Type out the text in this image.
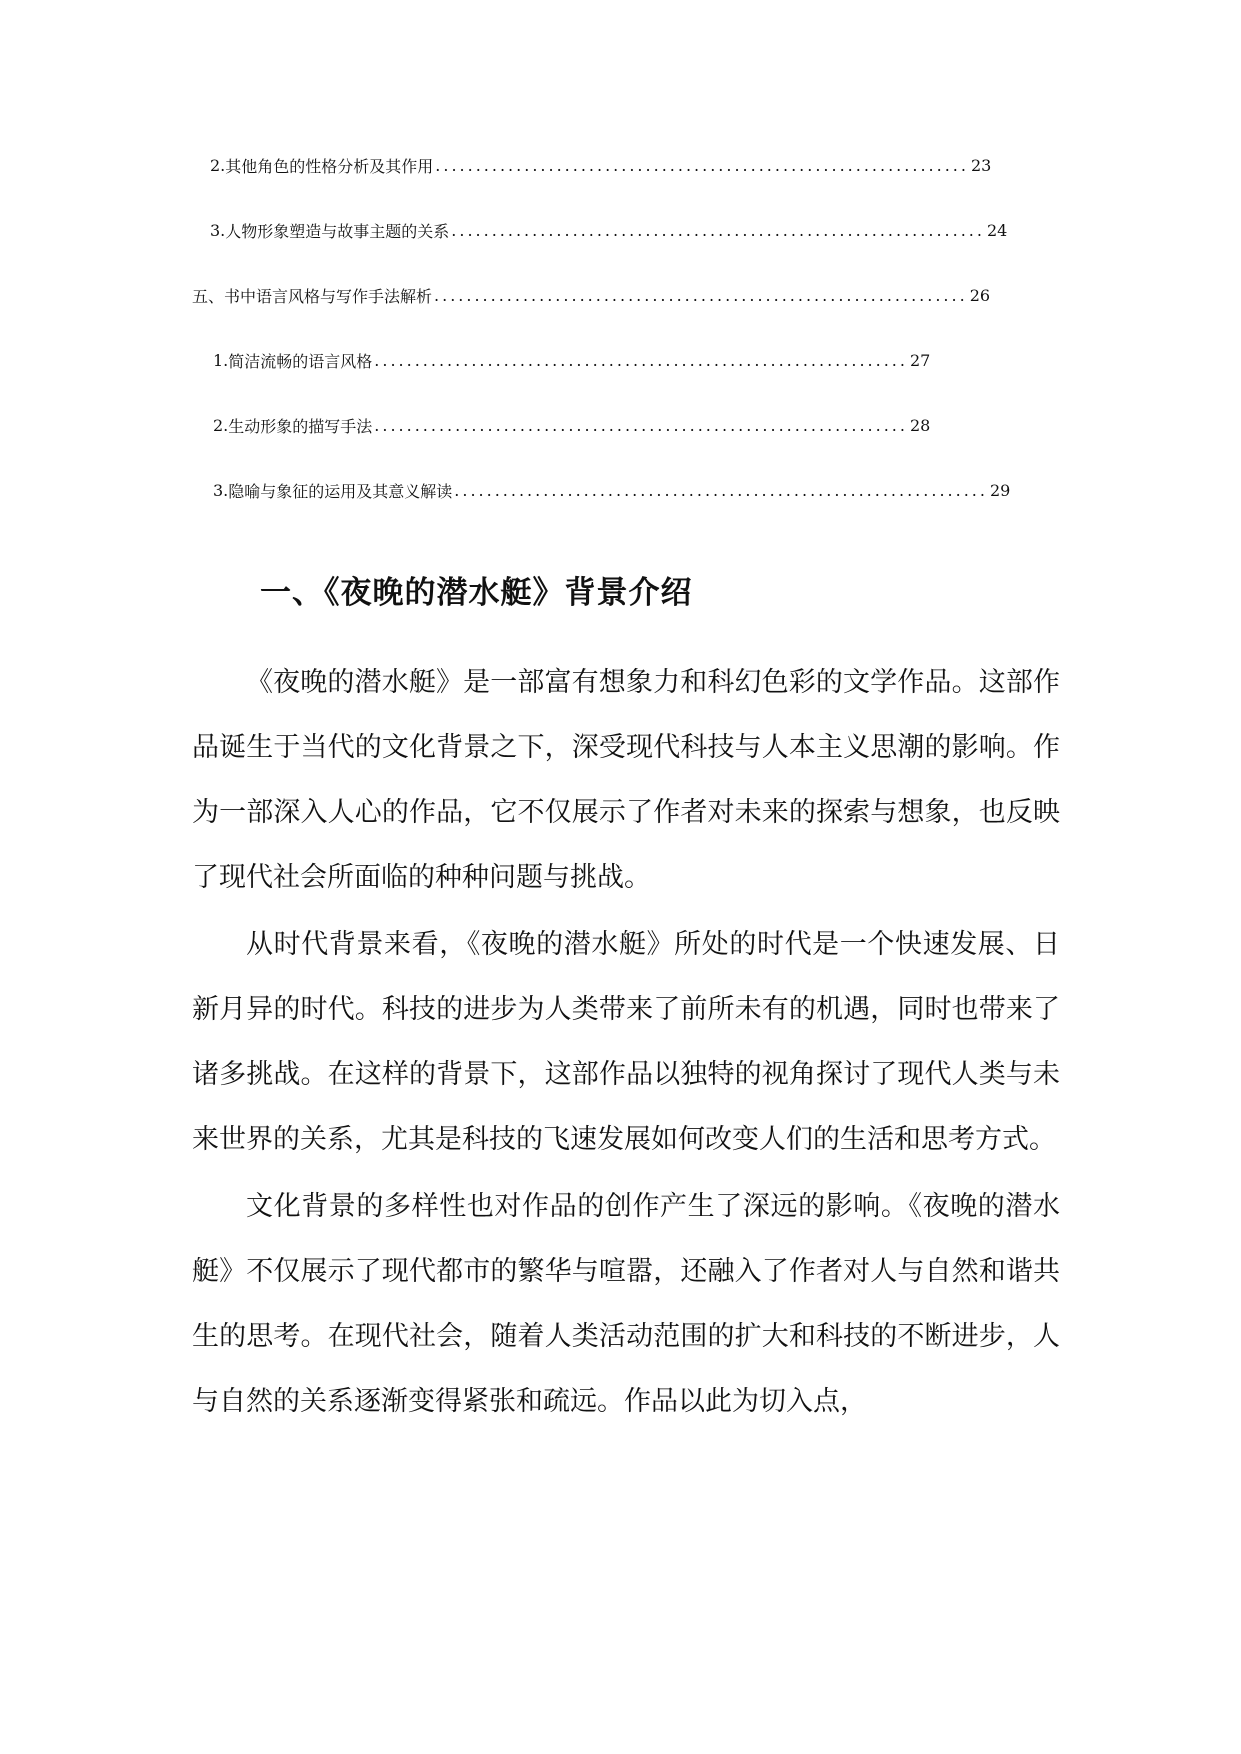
2. 其他角色的性格分析及其作用 .................................................................. 23
3. 人物形象塑造与故事主题的关系 .................................................................. 24
五、书中语言风格与写作手法解析 .................................................................. 26
1. 简洁流畅的语言风格 .................................................................. 27
2. 生动形象的描写手法 .................................................................. 28
3. 隐喻与象征的运用及其意义解读 .................................................................. 29
一、《夜晚的潜水艇》背景介绍

《夜晚的潜水艇》是一部富有想象力和科幻色彩的文学作品。这部作品诞生于当代的文化背景之下，深受现代科技与人本主义思潮的影响。作为一部深入人心的作品，它不仅展示了作者对未来的探索与想象，也反映了现代社会所面临的种种问题与挑战。

从时代背景来看，《夜晚的潜水艇》所处的时代是一个快速发展、日新月异的时代。科技的进步为人类带来了前所未有的机遇，同时也带来了诸多挑战。在这样的背景下，这部作品以独特的视角探讨了现代人类与未来世界的关系，尤其是科技的飞速发展如何改变人们的生活和思考方式。

文化背景的多样性也对作品的创作产生了深远的影响。《夜晚的潜水艇》不仅展示了现代都市的繁华与喧嚣，还融入了作者对人与自然和谐共生的思考。在现代社会，随着人类活动范围的扩大和科技的不断进步，人与自然的关系逐渐变得紧张和疏远。作品以此为切入点，
